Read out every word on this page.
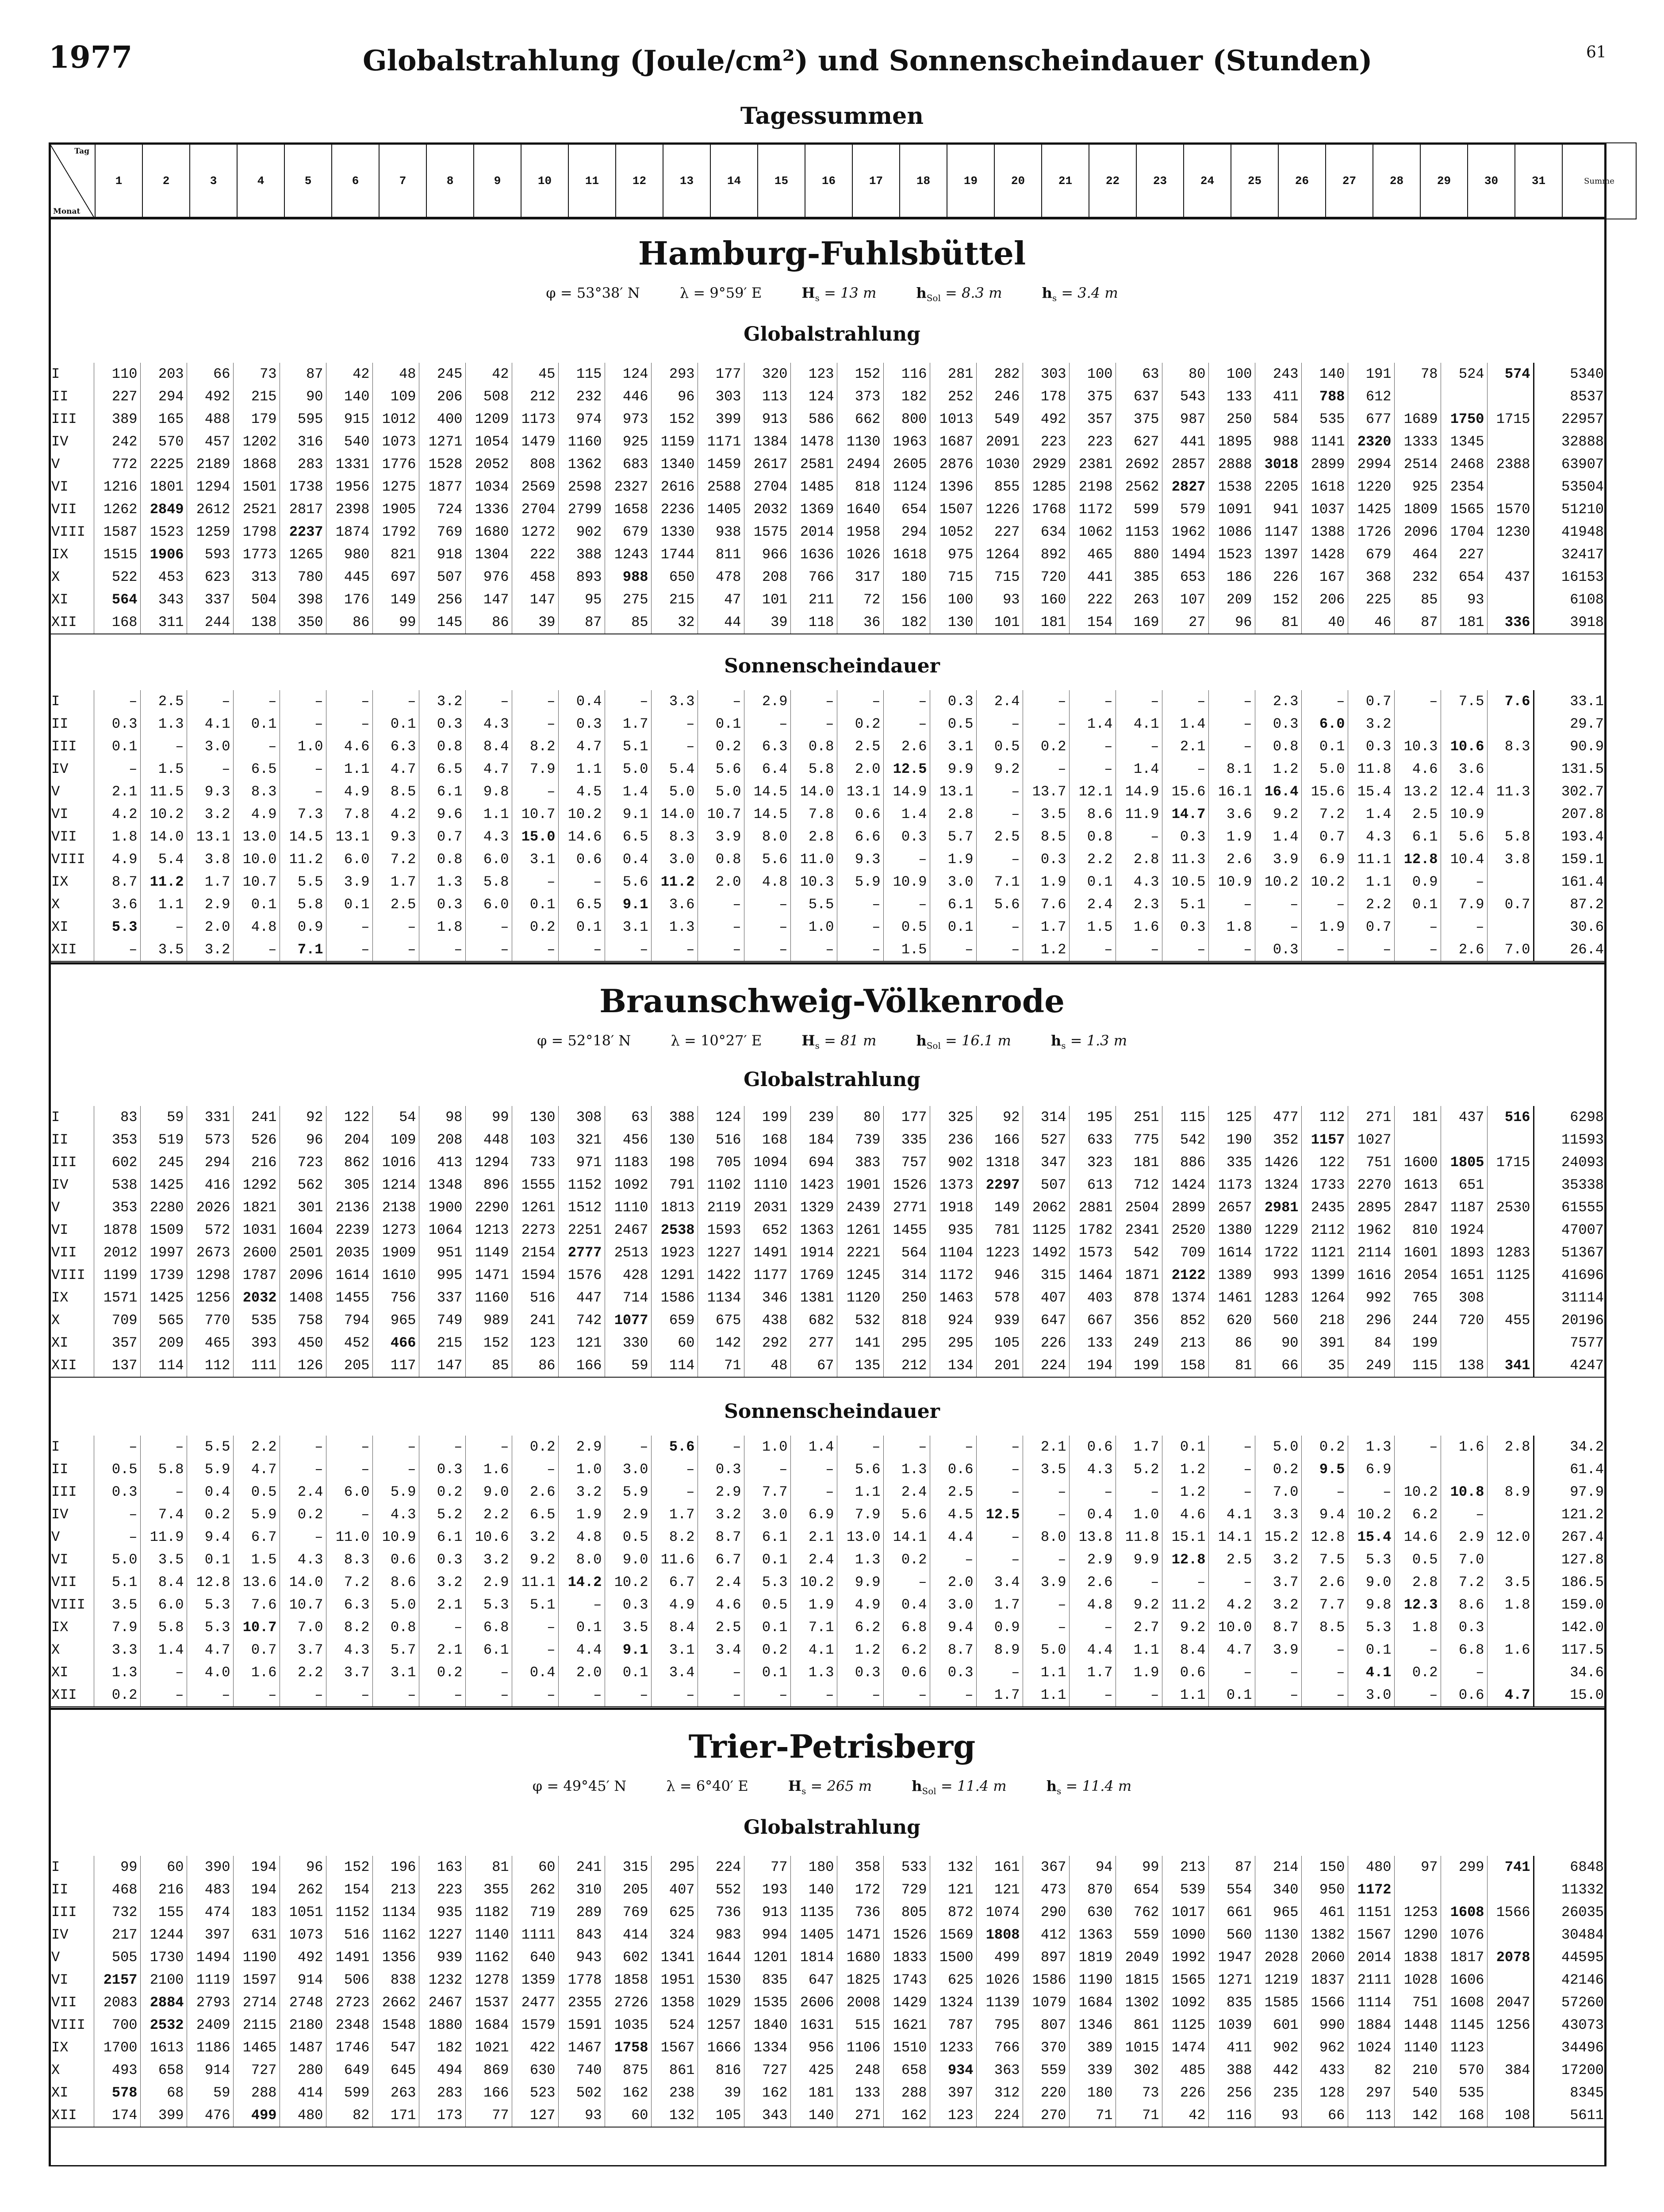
1977	Globalstrahlung (Joule/cm²) und Sonnenscheindauer (Stunden)	61
Tagessummen
Tag
Monat
	1	2	3	4	5	6	7	8	9	10	11	12	13	14	15	16	17	18	19	20	21	22	23	24	25	26	27	28	29	30	31	Summe
Hamburg-Fuhlsbüttel
φ = 53°38′ N	λ = 9°59′ E	$H_s = 13$ m	$h_{Sol} = 8.3$ m	$h_s = 3.4$ m
Globalstrahlung
I	110	203	66	73	87	42	48	245	42	45	115	124	293	177	320	123	152	116	281	282	303	100	63	80	100	243	140	191	78	524	574	5340
II	227	294	492	215	90	140	109	206	508	212	232	446	96	303	113	124	373	182	252	246	178	375	637	543	133	411	788	612				8537
III	389	165	488	179	595	915	1012	400	1209	1173	974	973	152	399	913	586	662	800	1013	549	492	357	375	987	250	584	535	677	1689	1750	1715	22957
IV	242	570	457	1202	316	540	1073	1271	1054	1479	1160	925	1159	1171	1384	1478	1130	1963	1687	2091	223	223	627	441	1895	988	1141	2320	1333	1345		32888
V	772	2225	2189	1868	283	1331	1776	1528	2052	808	1362	683	1340	1459	2617	2581	2494	2605	2876	1030	2929	2381	2692	2857	2888	3018	2899	2994	2514	2468	2388	63907
VI	1216	1801	1294	1501	1738	1956	1275	1877	1034	2569	2598	2327	2616	2588	2704	1485	818	1124	1396	855	1285	2198	2562	2827	1538	2205	1618	1220	925	2354		53504
VII	1262	2849	2612	2521	2817	2398	1905	724	1336	2704	2799	1658	2236	1405	2032	1369	1640	654	1507	1226	1768	1172	599	579	1091	941	1037	1425	1809	1565	1570	51210
VIII	1587	1523	1259	1798	2237	1874	1792	769	1680	1272	902	679	1330	938	1575	2014	1958	294	1052	227	634	1062	1153	1962	1086	1147	1388	1726	2096	1704	1230	41948
IX	1515	1906	593	1773	1265	980	821	918	1304	222	388	1243	1744	811	966	1636	1026	1618	975	1264	892	465	880	1494	1523	1397	1428	679	464	227		32417
X	522	453	623	313	780	445	697	507	976	458	893	988	650	478	208	766	317	180	715	715	720	441	385	653	186	226	167	368	232	654	437	16153
XI	564	343	337	504	398	176	149	256	147	147	95	275	215	47	101	211	72	156	100	93	160	222	263	107	209	152	206	225	85	93		6108
XII	168	311	244	138	350	86	99	145	86	39	87	85	32	44	39	118	36	182	130	101	181	154	169	27	96	81	40	46	87	181	336	3918
Sonnenscheindauer
I	–	2.5	–	–	–	–	–	3.2	–	–	0.4	–	3.3	–	2.9	–	–	–	0.3	2.4	–	–	–	–	–	2.3	–	0.7	–	7.5	7.6	33.1
II	0.3	1.3	4.1	0.1	–	–	0.1	0.3	4.3	–	0.3	1.7	–	0.1	–	–	0.2	–	0.5	–	–	1.4	4.1	1.4	–	0.3	6.0	3.2				29.7
III	0.1	–	3.0	–	1.0	4.6	6.3	0.8	8.4	8.2	4.7	5.1	–	0.2	6.3	0.8	2.5	2.6	3.1	0.5	0.2	–	–	2.1	–	0.8	0.1	0.3	10.3	10.6	8.3	90.9
IV	–	1.5	–	6.5	–	1.1	4.7	6.5	4.7	7.9	1.1	5.0	5.4	5.6	6.4	5.8	2.0	12.5	9.9	9.2	–	–	1.4	–	8.1	1.2	5.0	11.8	4.6	3.6		131.5
V	2.1	11.5	9.3	8.3	–	4.9	8.5	6.1	9.8	–	4.5	1.4	5.0	5.0	14.5	14.0	13.1	14.9	13.1	–	13.7	12.1	14.9	15.6	16.1	16.4	15.6	15.4	13.2	12.4	11.3	302.7
VI	4.2	10.2	3.2	4.9	7.3	7.8	4.2	9.6	1.1	10.7	10.2	9.1	14.0	10.7	14.5	7.8	0.6	1.4	2.8	–	3.5	8.6	11.9	14.7	3.6	9.2	7.2	1.4	2.5	10.9		207.8
VII	1.8	14.0	13.1	13.0	14.5	13.1	9.3	0.7	4.3	15.0	14.6	6.5	8.3	3.9	8.0	2.8	6.6	0.3	5.7	2.5	8.5	0.8	–	0.3	1.9	1.4	0.7	4.3	6.1	5.6	5.8	193.4
VIII	4.9	5.4	3.8	10.0	11.2	6.0	7.2	0.8	6.0	3.1	0.6	0.4	3.0	0.8	5.6	11.0	9.3	–	1.9	–	0.3	2.2	2.8	11.3	2.6	3.9	6.9	11.1	12.8	10.4	3.8	159.1
IX	8.7	11.2	1.7	10.7	5.5	3.9	1.7	1.3	5.8	–	–	5.6	11.2	2.0	4.8	10.3	5.9	10.9	3.0	7.1	1.9	0.1	4.3	10.5	10.9	10.2	10.2	1.1	0.9	–		161.4
X	3.6	1.1	2.9	0.1	5.8	0.1	2.5	0.3	6.0	0.1	6.5	9.1	3.6	–	–	5.5	–	–	6.1	5.6	7.6	2.4	2.3	5.1	–	–	–	2.2	0.1	7.9	0.7	87.2
XI	5.3	–	2.0	4.8	0.9	–	–	1.8	–	0.2	0.1	3.1	1.3	–	–	1.0	–	0.5	0.1	–	1.7	1.5	1.6	0.3	1.8	–	1.9	0.7	–	–		30.6
XII	–	3.5	3.2	–	7.1	–	–	–	–	–	–	–	–	–	–	–	–	1.5	–	–	1.2	–	–	–	–	0.3	–	–	–	2.6	7.0	26.4
Braunschweig-Völkenrode
φ = 52°18′ N	λ = 10°27′ E	$H_s = 81$ m	$h_{Sol} = 16.1$ m	$h_s = 1.3$ m
Globalstrahlung
I	83	59	331	241	92	122	54	98	99	130	308	63	388	124	199	239	80	177	325	92	314	195	251	115	125	477	112	271	181	437	516	6298
II	353	519	573	526	96	204	109	208	448	103	321	456	130	516	168	184	739	335	236	166	527	633	775	542	190	352	1157	1027				11593
III	602	245	294	216	723	862	1016	413	1294	733	971	1183	198	705	1094	694	383	757	902	1318	347	323	181	886	335	1426	122	751	1600	1805	1715	24093
IV	538	1425	416	1292	562	305	1214	1348	896	1555	1152	1092	791	1102	1110	1423	1901	1526	1373	2297	507	613	712	1424	1173	1324	1733	2270	1613	651		35338
V	353	2280	2026	1821	301	2136	2138	1900	2290	1261	1512	1110	1813	2119	2031	1329	2439	2771	1918	149	2062	2881	2504	2899	2657	2981	2435	2895	2847	1187	2530	61555
VI	1878	1509	572	1031	1604	2239	1273	1064	1213	2273	2251	2467	2538	1593	652	1363	1261	1455	935	781	1125	1782	2341	2520	1380	1229	2112	1962	810	1924		47007
VII	2012	1997	2673	2600	2501	2035	1909	951	1149	2154	2777	2513	1923	1227	1491	1914	2221	564	1104	1223	1492	1573	542	709	1614	1722	1121	2114	1601	1893	1283	51367
VIII	1199	1739	1298	1787	2096	1614	1610	995	1471	1594	1576	428	1291	1422	1177	1769	1245	314	1172	946	315	1464	1871	2122	1389	993	1399	1616	2054	1651	1125	41696
IX	1571	1425	1256	2032	1408	1455	756	337	1160	516	447	714	1586	1134	346	1381	1120	250	1463	578	407	403	878	1374	1461	1283	1264	992	765	308		31114
X	709	565	770	535	758	794	965	749	989	241	742	1077	659	675	438	682	532	818	924	939	647	667	356	852	620	560	218	296	244	720	455	20196
XI	357	209	465	393	450	452	466	215	152	123	121	330	60	142	292	277	141	295	295	105	226	133	249	213	86	90	391	84	199			7577
XII	137	114	112	111	126	205	117	147	85	86	166	59	114	71	48	67	135	212	134	201	224	194	199	158	81	66	35	249	115	138	341	4247
Sonnenscheindauer
I	–	–	5.5	2.2	–	–	–	–	–	0.2	2.9	–	5.6	–	1.0	1.4	–	–	–	–	2.1	0.6	1.7	0.1	–	5.0	0.2	1.3	–	1.6	2.8	34.2
II	0.5	5.8	5.9	4.7	–	–	–	0.3	1.6	–	1.0	3.0	–	0.3	–	–	5.6	1.3	0.6	–	3.5	4.3	5.2	1.2	–	0.2	9.5	6.9				61.4
III	0.3	–	0.4	0.5	2.4	6.0	5.9	0.2	9.0	2.6	3.2	5.9	–	2.9	7.7	–	1.1	2.4	2.5	–	–	–	–	1.2	–	7.0	–	–	10.2	10.8	8.9	97.9
IV	–	7.4	0.2	5.9	0.2	–	4.3	5.2	2.2	6.5	1.9	2.9	1.7	3.2	3.0	6.9	7.9	5.6	4.5	12.5	–	0.4	1.0	4.6	4.1	3.3	9.4	10.2	6.2	–		121.2
V	–	11.9	9.4	6.7	–	11.0	10.9	6.1	10.6	3.2	4.8	0.5	8.2	8.7	6.1	2.1	13.0	14.1	4.4	–	8.0	13.8	11.8	15.1	14.1	15.2	12.8	15.4	14.6	2.9	12.0	267.4
VI	5.0	3.5	0.1	1.5	4.3	8.3	0.6	0.3	3.2	9.2	8.0	9.0	11.6	6.7	0.1	2.4	1.3	0.2	–	–	–	2.9	9.9	12.8	2.5	3.2	7.5	5.3	0.5	7.0		127.8
VII	5.1	8.4	12.8	13.6	14.0	7.2	8.6	3.2	2.9	11.1	14.2	10.2	6.7	2.4	5.3	10.2	9.9	–	2.0	3.4	3.9	2.6	–	–	–	3.7	2.6	9.0	2.8	7.2	3.5	186.5
VIII	3.5	6.0	5.3	7.6	10.7	6.3	5.0	2.1	5.3	5.1	–	0.3	4.9	4.6	0.5	1.9	4.9	0.4	3.0	1.7	–	4.8	9.2	11.2	4.2	3.2	7.7	9.8	12.3	8.6	1.8	159.0
IX	7.9	5.8	5.3	10.7	7.0	8.2	0.8	–	6.8	–	0.1	3.5	8.4	2.5	0.1	7.1	6.2	6.8	9.4	0.9	–	–	2.7	9.2	10.0	8.7	8.5	5.3	1.8	0.3		142.0
X	3.3	1.4	4.7	0.7	3.7	4.3	5.7	2.1	6.1	–	4.4	9.1	3.1	3.4	0.2	4.1	1.2	6.2	8.7	8.9	5.0	4.4	1.1	8.4	4.7	3.9	–	0.1	–	6.8	1.6	117.5
XI	1.3	–	4.0	1.6	2.2	3.7	3.1	0.2	–	0.4	2.0	0.1	3.4	–	0.1	1.3	0.3	0.6	0.3	–	1.1	1.7	1.9	0.6	–	–	–	4.1	0.2	–		34.6
XII	0.2	–	–	–	–	–	–	–	–	–	–	–	–	–	–	–	–	–	–	1.7	1.1	–	–	1.1	0.1	–	–	3.0	–	0.6	4.7	15.0
Trier-Petrisberg
φ = 49°45′ N	λ = 6°40′ E	$H_s = 265$ m	$h_{Sol} = 11.4$ m	$h_s = 11.4$ m
Globalstrahlung
I	99	60	390	194	96	152	196	163	81	60	241	315	295	224	77	180	358	533	132	161	367	94	99	213	87	214	150	480	97	299	741	6848
II	468	216	483	194	262	154	213	223	355	262	310	205	407	552	193	140	172	729	121	121	473	870	654	539	554	340	950	1172				11332
III	732	155	474	183	1051	1152	1134	935	1182	719	289	769	625	736	913	1135	736	805	872	1074	290	630	762	1017	661	965	461	1151	1253	1608	1566	26035
IV	217	1244	397	631	1073	516	1162	1227	1140	1111	843	414	324	983	994	1405	1471	1526	1569	1808	412	1363	559	1090	560	1130	1382	1567	1290	1076		30484
V	505	1730	1494	1190	492	1491	1356	939	1162	640	943	602	1341	1644	1201	1814	1680	1833	1500	499	897	1819	2049	1992	1947	2028	2060	2014	1838	1817	2078	44595
VI	2157	2100	1119	1597	914	506	838	1232	1278	1359	1778	1858	1951	1530	835	647	1825	1743	625	1026	1586	1190	1815	1565	1271	1219	1837	2111	1028	1606		42146
VII	2083	2884	2793	2714	2748	2723	2662	2467	1537	2477	2355	2726	1358	1029	1535	2606	2008	1429	1324	1139	1079	1684	1302	1092	835	1585	1566	1114	751	1608	2047	57260
VIII	700	2532	2409	2115	2180	2348	1548	1880	1684	1579	1591	1035	524	1257	1840	1631	515	1621	787	795	807	1346	861	1125	1039	601	990	1884	1448	1145	1256	43073
IX	1700	1613	1186	1465	1487	1746	547	182	1021	422	1467	1758	1567	1666	1334	956	1106	1510	1233	766	370	389	1015	1474	411	902	962	1024	1140	1123		34496
X	493	658	914	727	280	649	645	494	869	630	740	875	861	816	727	425	248	658	934	363	559	339	302	485	388	442	433	82	210	570	384	17200
XI	578	68	59	288	414	599	263	283	166	523	502	162	238	39	162	181	133	288	397	312	220	180	73	226	256	235	128	297	540	535		8345
XII	174	399	476	499	480	82	171	173	77	127	93	60	132	105	343	140	271	162	123	224	270	71	71	42	116	93	66	113	142	168	108	5611
